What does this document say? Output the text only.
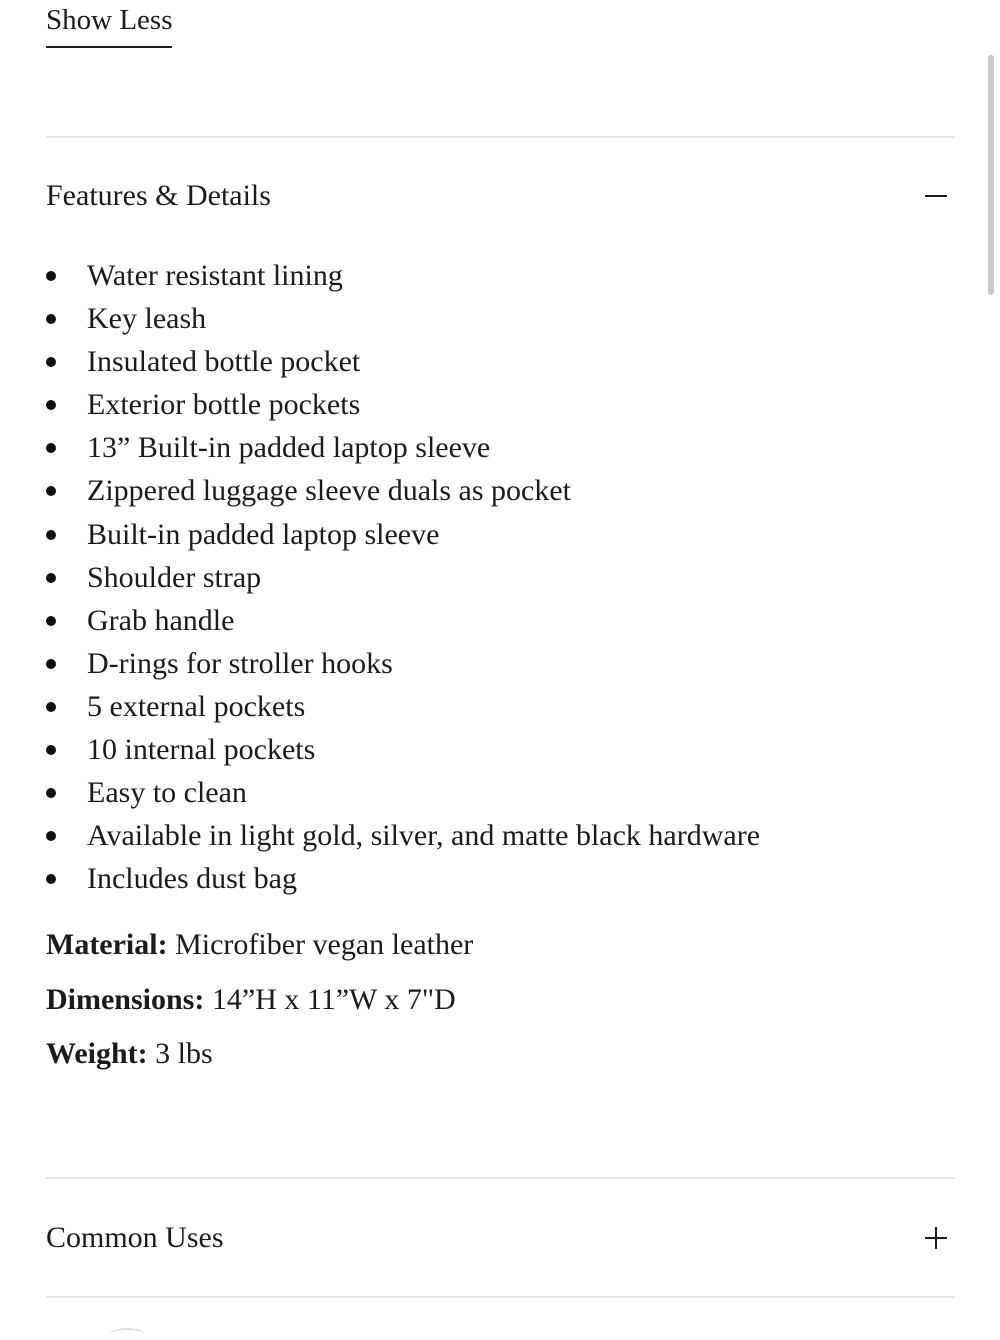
Show Less
Features & Details
Water resistant lining
Key leash
Insulated bottle pocket
Exterior bottle pockets
13” Built-in padded laptop sleeve
Zippered luggage sleeve duals as pocket
Built-in padded laptop sleeve
Shoulder strap
Grab handle
D-rings for stroller hooks
5 external pockets
10 internal pockets
Easy to clean
Available in light gold, silver, and matte black hardware
Includes dust bag
Material: Microfiber vegan leather
Dimensions: 14”H x 11”W x 7"D
Weight: 3 lbs
Common Uses
